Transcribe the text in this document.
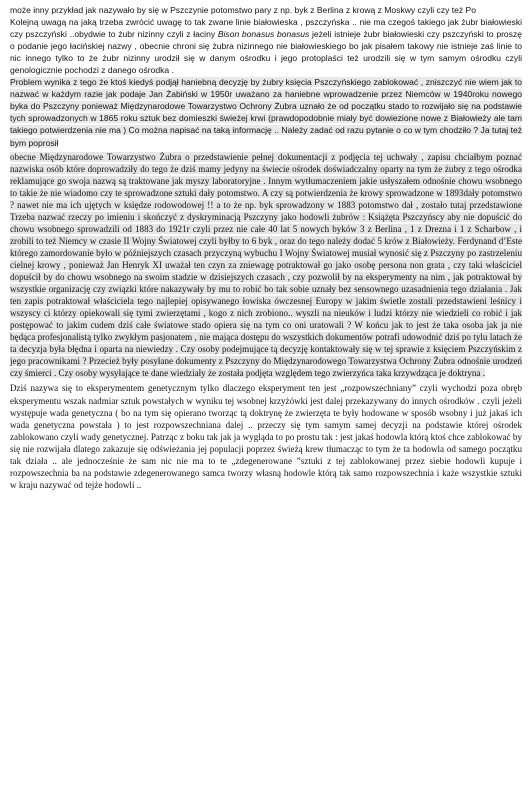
może inny przykład jak nazywało by się w Pszczynie potomstwo pary z np. byk z Berlina z krową z Moskwy czyli czy też Po

Kolejną uwagą na jaką trzeba zwrócić uwagę to tak zwane linie białowieska , pszczyńska .. nie ma czegoś takiego jak żubr białowieski czy pszczyński ..obydwie to żubr nizinny czyli z łaciny Bison bonasus bonasus jeżeli istnieje żubr białowieski czy pszczyński to proszę o podanie jego łacińskiej nazwy , obecnie chroni się żubra nizinnego nie białowieskiego bo jak pisałem takowy nie istnieje zaś linie to nic innego tylko to że żubr nizinny urodził się w danym ośrodku i jego protoplaści też urodzili się w tym samym ośrodku czyli genologicznie pochodzi z danego ośrodka .

Problem wynika z tego że ktoś kiedyś podjął haniebną decyzję by żubry księcia Pszczyńskiego zablokować , zniszczyć nie wiem jak to nazwać w każdym razie jak podaje Jan Żabiński w 1950r uważano za haniebne wprowadzenie przez Niemców w 1940roku nowego byka do Pszczyny ponieważ Międzynarodowe Towarzystwo Ochrony Żubra uznało że od początku stado to rozwijało się na podstawie tych sprowadzonych w 1865 roku sztuk bez domieszki świeżej krwi (prawdopodobnie miały być dowiezione nowe z Białowieży ale tam takiego potwierdzenia nie ma ) Co można napisać na taką informację .. Należy zadać od razu pytanie o co w tym chodziło ? Ja tutaj też bym poprosił

obecne Międzynarodowe Towarzystwo Żubra o przedstawienie pełnej dokumentacji z podjęcia tej uchwały , zapisu chciałbym poznać nazwiska osób które doprowadziły do tego że dziś mamy jedyny na świecie ośrodek doświadczalny oparty na tym że żubry z tego ośrodka reklamujące go swoja nazwą są traktowane jak myszy laboratoryjne . Innym wytłumaczeniem jakie usłyszałem odnośnie chowu wsobnego to takie że nie wiadomo czy te sprowadzone sztuki dały potomstwo. A czy są potwierdzenia że krowy sprowadzone w 1893dały potomstwo ? nawet nie ma ich ujętych w księdze rodowodowej !! a to że np. byk sprowadzony w 1883 potomstwo dał , zostało tutaj przedstawione Trzeba nazwać rzeczy po imieniu i skończyć z dyskryminacją Pszczyny jako hodowli żubrów : Książęta Pszczyńscy aby nie dopuścić do chowu wsobnego sprowadzili od 1883 do 1921r czyli przez nie całe 40 lat 5 nowych byków 3 z Berlina , 1 z Drezna i 1 z Scharbow , i zrobili to też Niemcy w czasie II Wojny Światowej czyli byłby to 6 byk , oraz do tego należy dodać 5 krów z Białowieży. Ferdynand d’Este którego zamordowanie było w późniejszych czasach przyczyną wybuchu I Wojny Światowej musiał wynosić się z Pszczyny po zastrzeleniu cielnej krowy , ponieważ Jan Henryk XI uważał ten czyn za zniewagę potraktował go jako osobę persona non grata , czy taki właściciel dopuścił by do chowu wsobnego na swoim stadzie w dzisiejszych czasach , czy pozwolił by na eksperymenty na nim , jak potraktował by wszystkie organizację czy związki które nakazywały by mu to robić bo tak sobie uznały bez sensownego uzasadnienia tego działania . Jak ten zapis potraktował właściciela tego najlepiej opisywanego łowiska ówczesnej Europy w jakim świetle zostali przedstawieni leśnicy i wszyscy ci którzy opiekowali się tymi zwierzętami , kogo z nich zrobiono.. wyszli na nieuków i ludzi którzy nie wiedzieli co robić i jak postępować to jakim cudem dziś całe światowe stado opiera się na tym co oni uratowali ? W końcu jak to jest że taka osoba jak ja nie będąca profesjonalistą tylko zwykłym pasjonatem , nie mająca dostępu do wszystkich dokumentów potrafi udowodnić dziś po tylu latach że ta decyzja była błędna i oparta na niewiedzy . Czy osoby podejmujące tą decyzję kontaktowały się w tej sprawie z księciem Pszczyńskim z jego pracownikami ? Przecież były posyłane dokumenty z Pszczyny do Międzynarodowego Towarzystwa Ochrony Żubra odnośnie urodzeń czy śmierci . Czy osoby wysyłające te dane wiedziały że została podjęta względem tego zwierzyńca taka krzywdząca je doktryna .

Dziś nazywa się to eksperymentem genetycznym tylko dlaczego eksperyment ten jest „rozpowszechniany” czyli wychodzi poza obręb eksperymentu wszak nadmiar sztuk powstałych w wyniku tej wsobnej krzyżówki jest dalej przekazywany do innych ośrodków . czyli jeżeli występuje wada genetyczna ( bo na tym się opierano tworząc tą doktrynę że zwierzęta te były hodowane w sposób wsobny i już jakaś ich wada genetyczna powstała ) to jest rozpowszechniana dalej .. przeczy się tym samym samej decyzji na podstawie której ośrodek zablokowano czyli wady genetycznej. Patrząc z boku tak jak ja wygląda to po prostu tak : jest jakaś hodowla którą ktoś chce zablokować by się nie rozwijała dlatego zakazuje się odświeżania jej populacji poprzez świeżą krew tłumacząc to tym że ta hodowla od samego początku tak działa .. ale jednocześnie że sam nic nie ma to te „zdegenerowane ”sztuki z tej zablokowanej przez siebie hodowli kupuje i rozpowszechnia ba na podstawie zdegenerowanego samca tworzy własną hodowle którą tak samo rozpowszechnia i każe wszystkie sztuki w kraju nazywać od tejże hodowli ..
